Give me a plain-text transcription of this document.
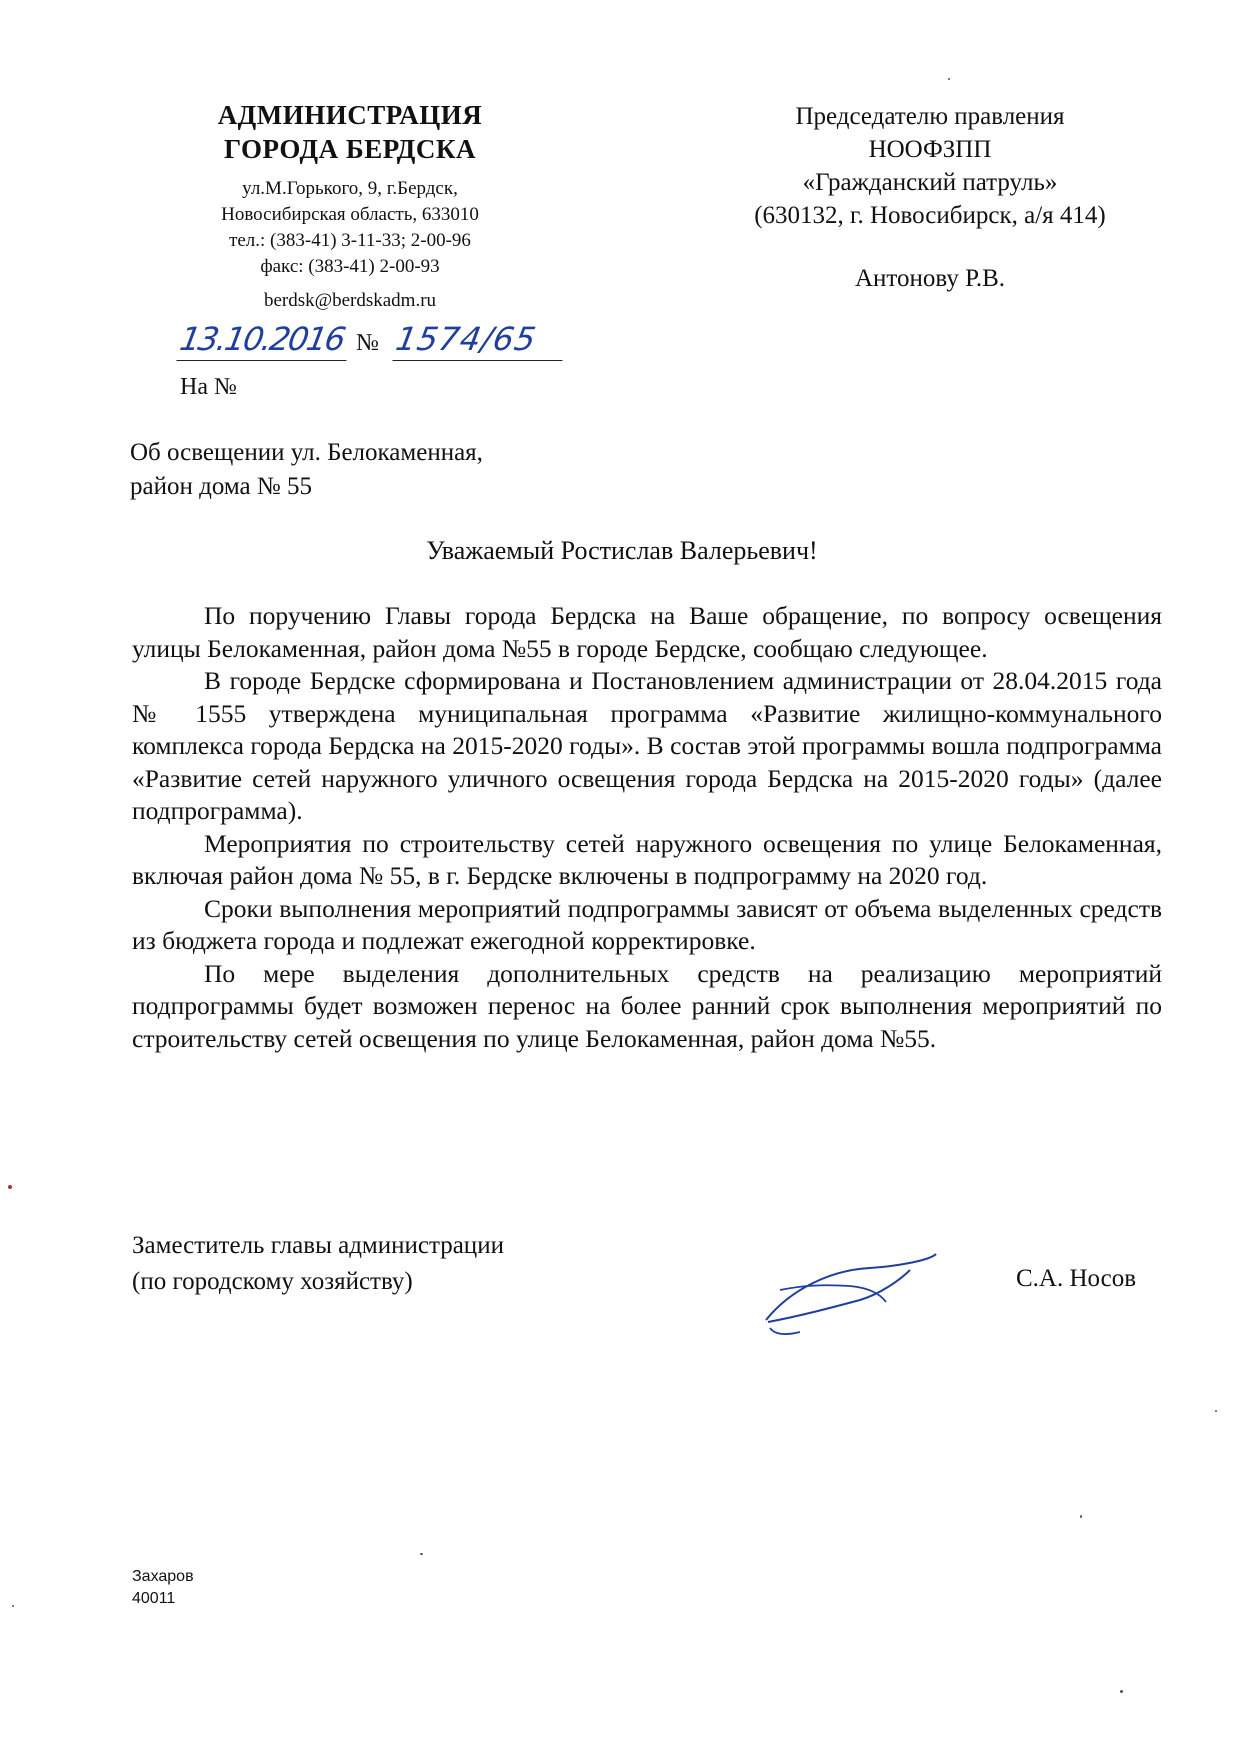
АДМИНИСТРАЦИЯ
ГОРОДА БЕРДСКА
ул.М.Горького, 9, г.Бердск,
Новосибирская область, 633010
тел.: (383-41) 3-11-33; 2-00-96
факс: (383-41) 2-00-93
berdsk@berdskadm.ru
Председателю правления
НООФЗПП
«Гражданский патруль»
(630132, г. Новосибирск, а/я 414)
Антонову Р.В.
13.10.2016 № 1574/65
На №
Об освещении ул. Белокаменная,
район дома № 55
Уважаемый Ростислав Валерьевич!

По поручению Главы города Бердска на Ваше обращение, по вопросу освещения улицы Белокаменная, район дома №55 в городе Бердске, сообщаю следующее.

В городе Бердске сформирована и Постановлением администрации от 28.04.2015 года № 1555 утверждена муниципальная программа «Развитие жилищно-коммунального комплекса города Бердска на 2015-2020 годы». В состав этой программы вошла подпрограмма «Развитие сетей наружного уличного освещения города Бердска на 2015-2020 годы» (далее подпрограмма).

Мероприятия по строительству сетей наружного освещения по улице Белокаменная, включая район дома № 55, в г. Бердске включены в подпрограмму на 2020 год.

Сроки выполнения мероприятий подпрограммы зависят от объема выделенных средств из бюджета города и подлежат ежегодной корректировке.

По мере выделения дополнительных средств на реализацию мероприятий подпрограммы будет возможен перенос на более ранний срок выполнения мероприятий по строительству сетей освещения по улице Белокаменная, район дома №55.

Заместитель главы администрации
(по городскому хозяйству)	С.А. Носов
Захаров
40011
